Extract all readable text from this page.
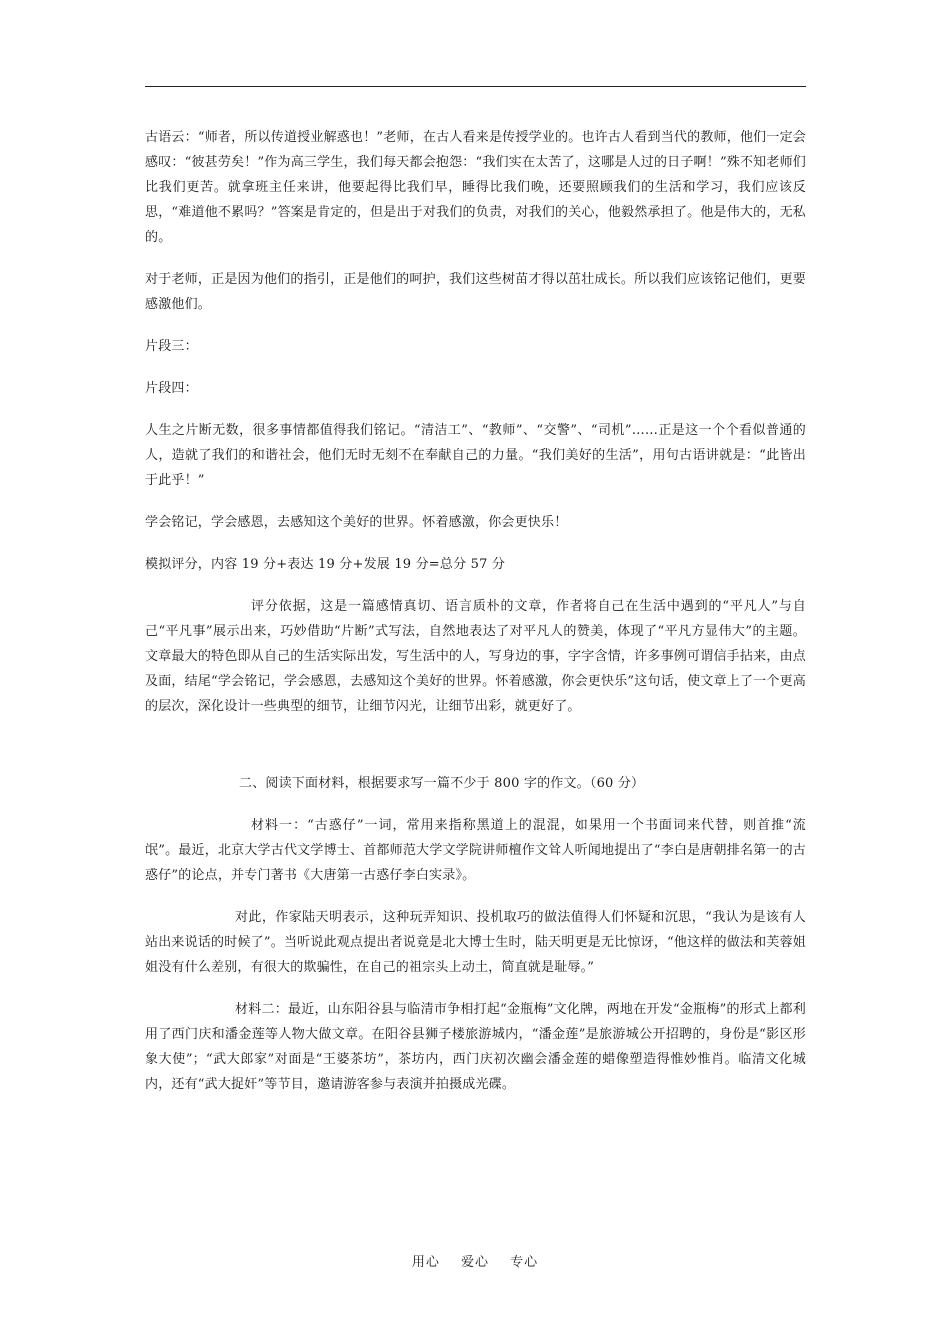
古语云：“师者，所以传道授业解惑也！”老师，在古人看来是传授学业的。也许古人看到当代的教师，他们一定会感叹：“彼甚劳矣！”作为高三学生，我们每天都会抱怨：“我们实在太苦了，这哪是人过的日子啊！”殊不知老师们比我们更苦。就拿班主任来讲，他要起得比我们早，睡得比我们晚，还要照顾我们的生活和学习，我们应该反思，“难道他不累吗？”答案是肯定的，但是出于对我们的负责，对我们的关心，他毅然承担了。他是伟大的，无私的。

对于老师，正是因为他们的指引，正是他们的呵护，我们这些树苗才得以茁壮成长。所以我们应该铭记他们，更要感激他们。

片段三：

片段四：

人生之片断无数，很多事情都值得我们铭记。“清洁工”、“教师”、“交警”、“司机”……正是这一个个看似普通的人，造就了我们的和谐社会，他们无时无刻不在奉献自己的力量。“我们美好的生活”，用句古语讲就是：“此皆出于此乎！”

学会铭记，学会感恩，去感知这个美好的世界。怀着感激，你会更快乐！

模拟评分，内容 19 分+表达 19 分+发展 19 分=总分 57 分

评分依据，这是一篇感情真切、语言质朴的文章，作者将自己在生活中遇到的“平凡人”与自己“平凡事”展示出来，巧妙借助“片断”式写法，自然地表达了对平凡人的赞美，体现了“平凡方显伟大”的主题。文章最大的特色即从自己的生活实际出发，写生活中的人，写身边的事，字字含情，许多事例可谓信手拈来，由点及面，结尾“学会铭记，学会感恩，去感知这个美好的世界。怀着感激，你会更快乐”这句话，使文章上了一个更高的层次，深化设计一些典型的细节，让细节闪光，让细节出彩，就更好了。

二、阅读下面材料，根据要求写一篇不少于 800 字的作文。（60 分）

材料一：“古惑仔”一词，常用来指称黑道上的混混，如果用一个书面词来代替，则首推“流氓”。最近，北京大学古代文学博士、首都师范大学文学院讲师檀作文耸人听闻地提出了“李白是唐朝排名第一的古惑仔”的论点，并专门著书《大唐第一古惑仔李白实录》。

对此，作家陆天明表示，这种玩弄知识、投机取巧的做法值得人们怀疑和沉思，“我认为是该有人站出来说话的时候了”。当听说此观点提出者说竟是北大博士生时，陆天明更是无比惊讶，“他这样的做法和芙蓉姐姐没有什么差别，有很大的欺骗性，在自己的祖宗头上动土，简直就是耻辱。”

材料二：最近，山东阳谷县与临清市争相打起“金瓶梅”文化牌，两地在开发“金瓶梅”的形式上都利用了西门庆和潘金莲等人物大做文章。在阳谷县狮子楼旅游城内，“潘金莲”是旅游城公开招聘的，身份是“影区形象大使”；“武大郎家”对面是“王婆茶坊”，茶坊内，西门庆初次幽会潘金莲的蜡像塑造得惟妙惟肖。临清文化城内，还有“武大捉奸”等节目，邀请游客参与表演并拍摄成光碟。

用心 爱心 专心
